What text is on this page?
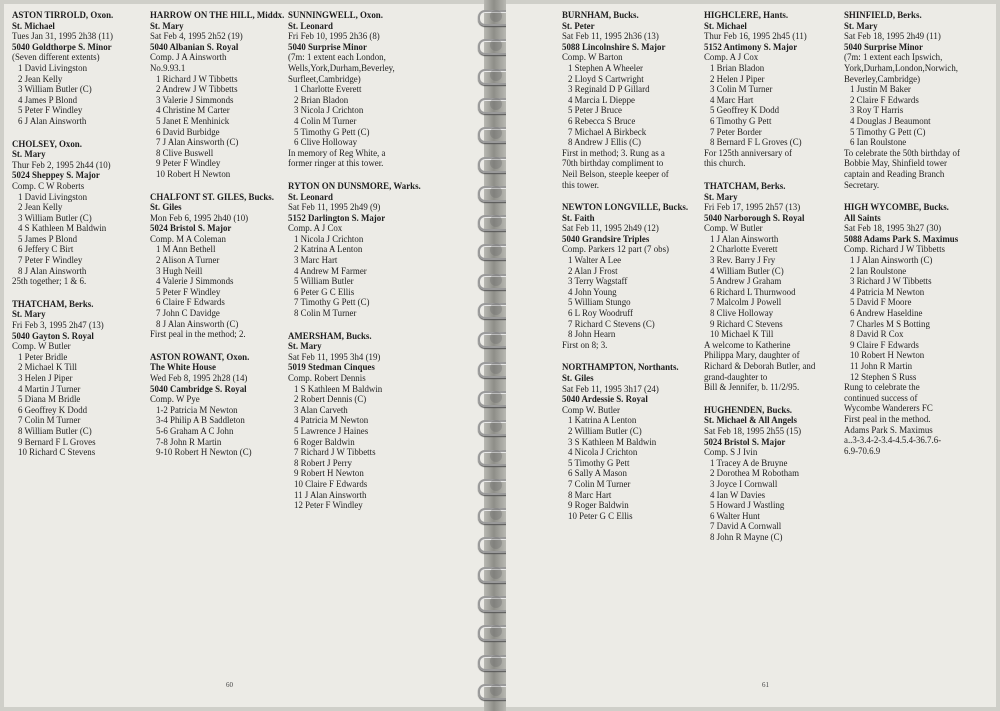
ASTON TIRROLD, Oxon.
St. Michael
Tues Jan 31, 1995 2h38 (11)
5040 Goldthorpe S. Minor
(Seven different extents)
1 David Livingston
2 Jean Kelly
3 William Butler (C)
4 James P Blond
5 Peter F Windley
6 J Alan Ainsworth
CHOLSEY, Oxon.
St. Mary
Thur Feb 2, 1995 2h44 (10)
5024 Sheppey S. Major
Comp. C W Roberts
1 David Livingston
2 Jean Kelly
3 William Butler (C)
4 S Kathleen M Baldwin
5 James P Blond
6 Jeffery C Birt
7 Peter F Windley
8 J Alan Ainsworth
25th together; 1 & 6.
THATCHAM, Berks.
St. Mary
Fri Feb 3, 1995 2h47 (13)
5040 Gayton S. Royal
Comp. W Butler
1 Peter Bridle
2 Michael K Till
3 Helen J Piper
4 Martin J Turner
5 Diana M Bridle
6 Geoffrey K Dodd
7 Colin M Turner
8 William Butler (C)
9 Bernard F L Groves
10 Richard C Stevens
HARROW ON THE HILL, Middx.
St. Mary
Sat Feb 4, 1995 2h52 (19)
5040 Albanian S. Royal
Comp. J A Ainsworth
No.9.93.1
1 Richard J W Tibbetts
2 Andrew J W Tibbetts
3 Valerie J Simmonds
4 Christine M Carter
5 Janet E Menhinick
6 David Burbidge
7 J Alan Ainsworth (C)
8 Clive Buswell
9 Peter F Windley
10 Robert H Newton
CHALFONT ST. GILES, Bucks.
St. Giles
Mon Feb 6, 1995 2h40 (10)
5024 Bristol S. Major
Comp. M A Coleman
1 M Ann Bethell
2 Alison A Turner
3 Hugh Neill
4 Valerie J Simmonds
5 Peter F Windley
6 Claire F Edwards
7 John C Davidge
8 J Alan Ainsworth (C)
First peal in the method; 2.
ASTON ROWANT, Oxon.
The White House
Wed Feb 8, 1995 2h28 (14)
5040 Cambridge S. Royal
Comp. W Pye
1-2 Patricia M Newton
3-4 Philip A B Saddleton
5-6 Graham A C John
7-8 John R Martin
9-10 Robert H Newton (C)
SUNNINGWELL, Oxon.
St. Leonard
Fri Feb 10, 1995 2h36 (8)
5040 Surprise Minor
(7m: 1 extent each London,
Wells,York,Durham,Beverley,
Surfleet,Cambridge)
1 Charlotte Everett
2 Brian Bladon
3 Nicola J Crichton
4 Colin M Turner
5 Timothy G Pett (C)
6 Clive Holloway
In memory of Reg White, a
former ringer at this tower.
RYTON ON DUNSMORE, Warks.
St. Leonard
Sat Feb 11, 1995 2h49 (9)
5152 Darlington S. Major
Comp. A J Cox
1 Nicola J Crichton
2 Katrina A Lenton
3 Marc Hart
4 Andrew M Farmer
5 William Butler
6 Peter G C Ellis
7 Timothy G Pett (C)
8 Colin M Turner
AMERSHAM, Bucks.
St. Mary
Sat Feb 11, 1995 3h4 (19)
5019 Stedman Cinques
Comp. Robert Dennis
1 S Kathleen M Baldwin
2 Robert Dennis (C)
3 Alan Carveth
4 Patricia M Newton
5 Lawrence J Haines
6 Roger Baldwin
7 Richard J W Tibbetts
8 Robert J Perry
9 Robert H Newton
10 Claire F Edwards
11 J Alan Ainsworth
12 Peter F Windley
60
BURNHAM, Bucks.
St. Peter
Sat Feb 11, 1995 2h36 (13)
5088 Lincolnshire S. Major
Comp. W Barton
1 Stephen A Wheeler
2 Lloyd S Cartwright
3 Reginald D P Gillard
4 Marcia L Dieppe
5 Peter J Bruce
6 Rebecca S Bruce
7 Michael A Birkbeck
8 Andrew J Ellis (C)
First in method; 3. Rung as a
70th birthday compliment to
Neil Belson, steeple keeper of
this tower.
NEWTON LONGVILLE, Bucks.
St. Faith
Sat Feb 11, 1995 2h49 (12)
5040 Grandsire Triples
Comp. Parkers 12 part (7 obs)
1 Walter A Lee
2 Alan J Frost
3 Terry Wagstaff
4 John Young
5 William Stungo
6 L Roy Woodruff
7 Richard C Stevens (C)
8 John Hearn
First on 8; 3.
NORTHAMPTON, Northants.
St. Giles
Sat Feb 11, 1995 3h17 (24)
5040 Ardessie S. Royal
Comp W. Butler
1 Katrina A Lenton
2 William Butler (C)
3 S Kathleen M Baldwin
4 Nicola J Crichton
5 Timothy G Pett
6 Sally A Mason
7 Colin M Turner
8 Marc Hart
9 Roger Baldwin
10 Peter G C Ellis
HIGHCLERE, Hants.
St. Michael
Thur Feb 16, 1995 2h45 (11)
5152 Antimony S. Major
Comp. A J Cox
1 Brian Bladon
2 Helen J Piper
3 Colin M Turner
4 Marc Hart
5 Geoffrey K Dodd
6 Timothy G Pett
7 Peter Border
8 Bernard F L Groves (C)
For 125th anniversary of
this church.
THATCHAM, Berks.
St. Mary
Fri Feb 17, 1995 2h57 (13)
5040 Narborough S. Royal
Comp. W Butler
1 J Alan Ainsworth
2 Charlotte Everett
3 Rev. Barry J Fry
4 William Butler (C)
5 Andrew J Graham
6 Richard L Thurnwood
7 Malcolm J Powell
8 Clive Holloway
9 Richard C Stevens
10 Michael K Till
A welcome to Katherine
Philippa Mary, daughter of
Richard & Deborah Butler, and
grand-daughter to
Bill & Jennifer, b. 11/2/95.
HUGHENDEN, Bucks.
St. Michael & All Angels
Sat Feb 18, 1995 2h55 (15)
5024 Bristol S. Major
Comp. S J Ivin
1 Tracey A de Bruyne
2 Dorothea M Robotham
3 Joyce I Cornwall
4 Ian W Davies
5 Howard J Wastling
6 Walter Hunt
7 David A Cornwall
8 John R Mayne (C)
SHINFIELD, Berks.
St. Mary
Sat Feb 18, 1995 2h49 (11)
5040 Surprise Minor
(7m: 1 extent each Ipswich,
York,Durham,London,Norwich,
Beverley,Cambridge)
1 Justin M Baker
2 Claire F Edwards
3 Roy T Harris
4 Douglas J Beaumont
5 Timothy G Pett (C)
6 Ian Roulstone
To celebrate the 50th birthday of
Bobbie May, Shinfield tower
captain and Reading Branch
Secretary.
HIGH WYCOMBE, Bucks.
All Saints
Sat Feb 18, 1995 3h27 (30)
5088 Adams Park S. Maximus
Comp. Richard J W Tibbetts
1 J Alan Ainsworth (C)
2 Ian Roulstone
3 Richard J W Tibbetts
4 Patricia M Newton
5 David F Moore
6 Andrew Haseldine
7 Charles M S Botting
8 David R Cox
9 Claire F Edwards
10 Robert H Newton
11 John R Martin
12 Stephen S Russ
Rung to celebrate the
continued success of
Wycombe Wanderers FC
First peal in the method.
Adams Park S. Maximus
a..3-3.4-2-3.4-4.5.4-36.7.6-
6.9-70.6.9
61
